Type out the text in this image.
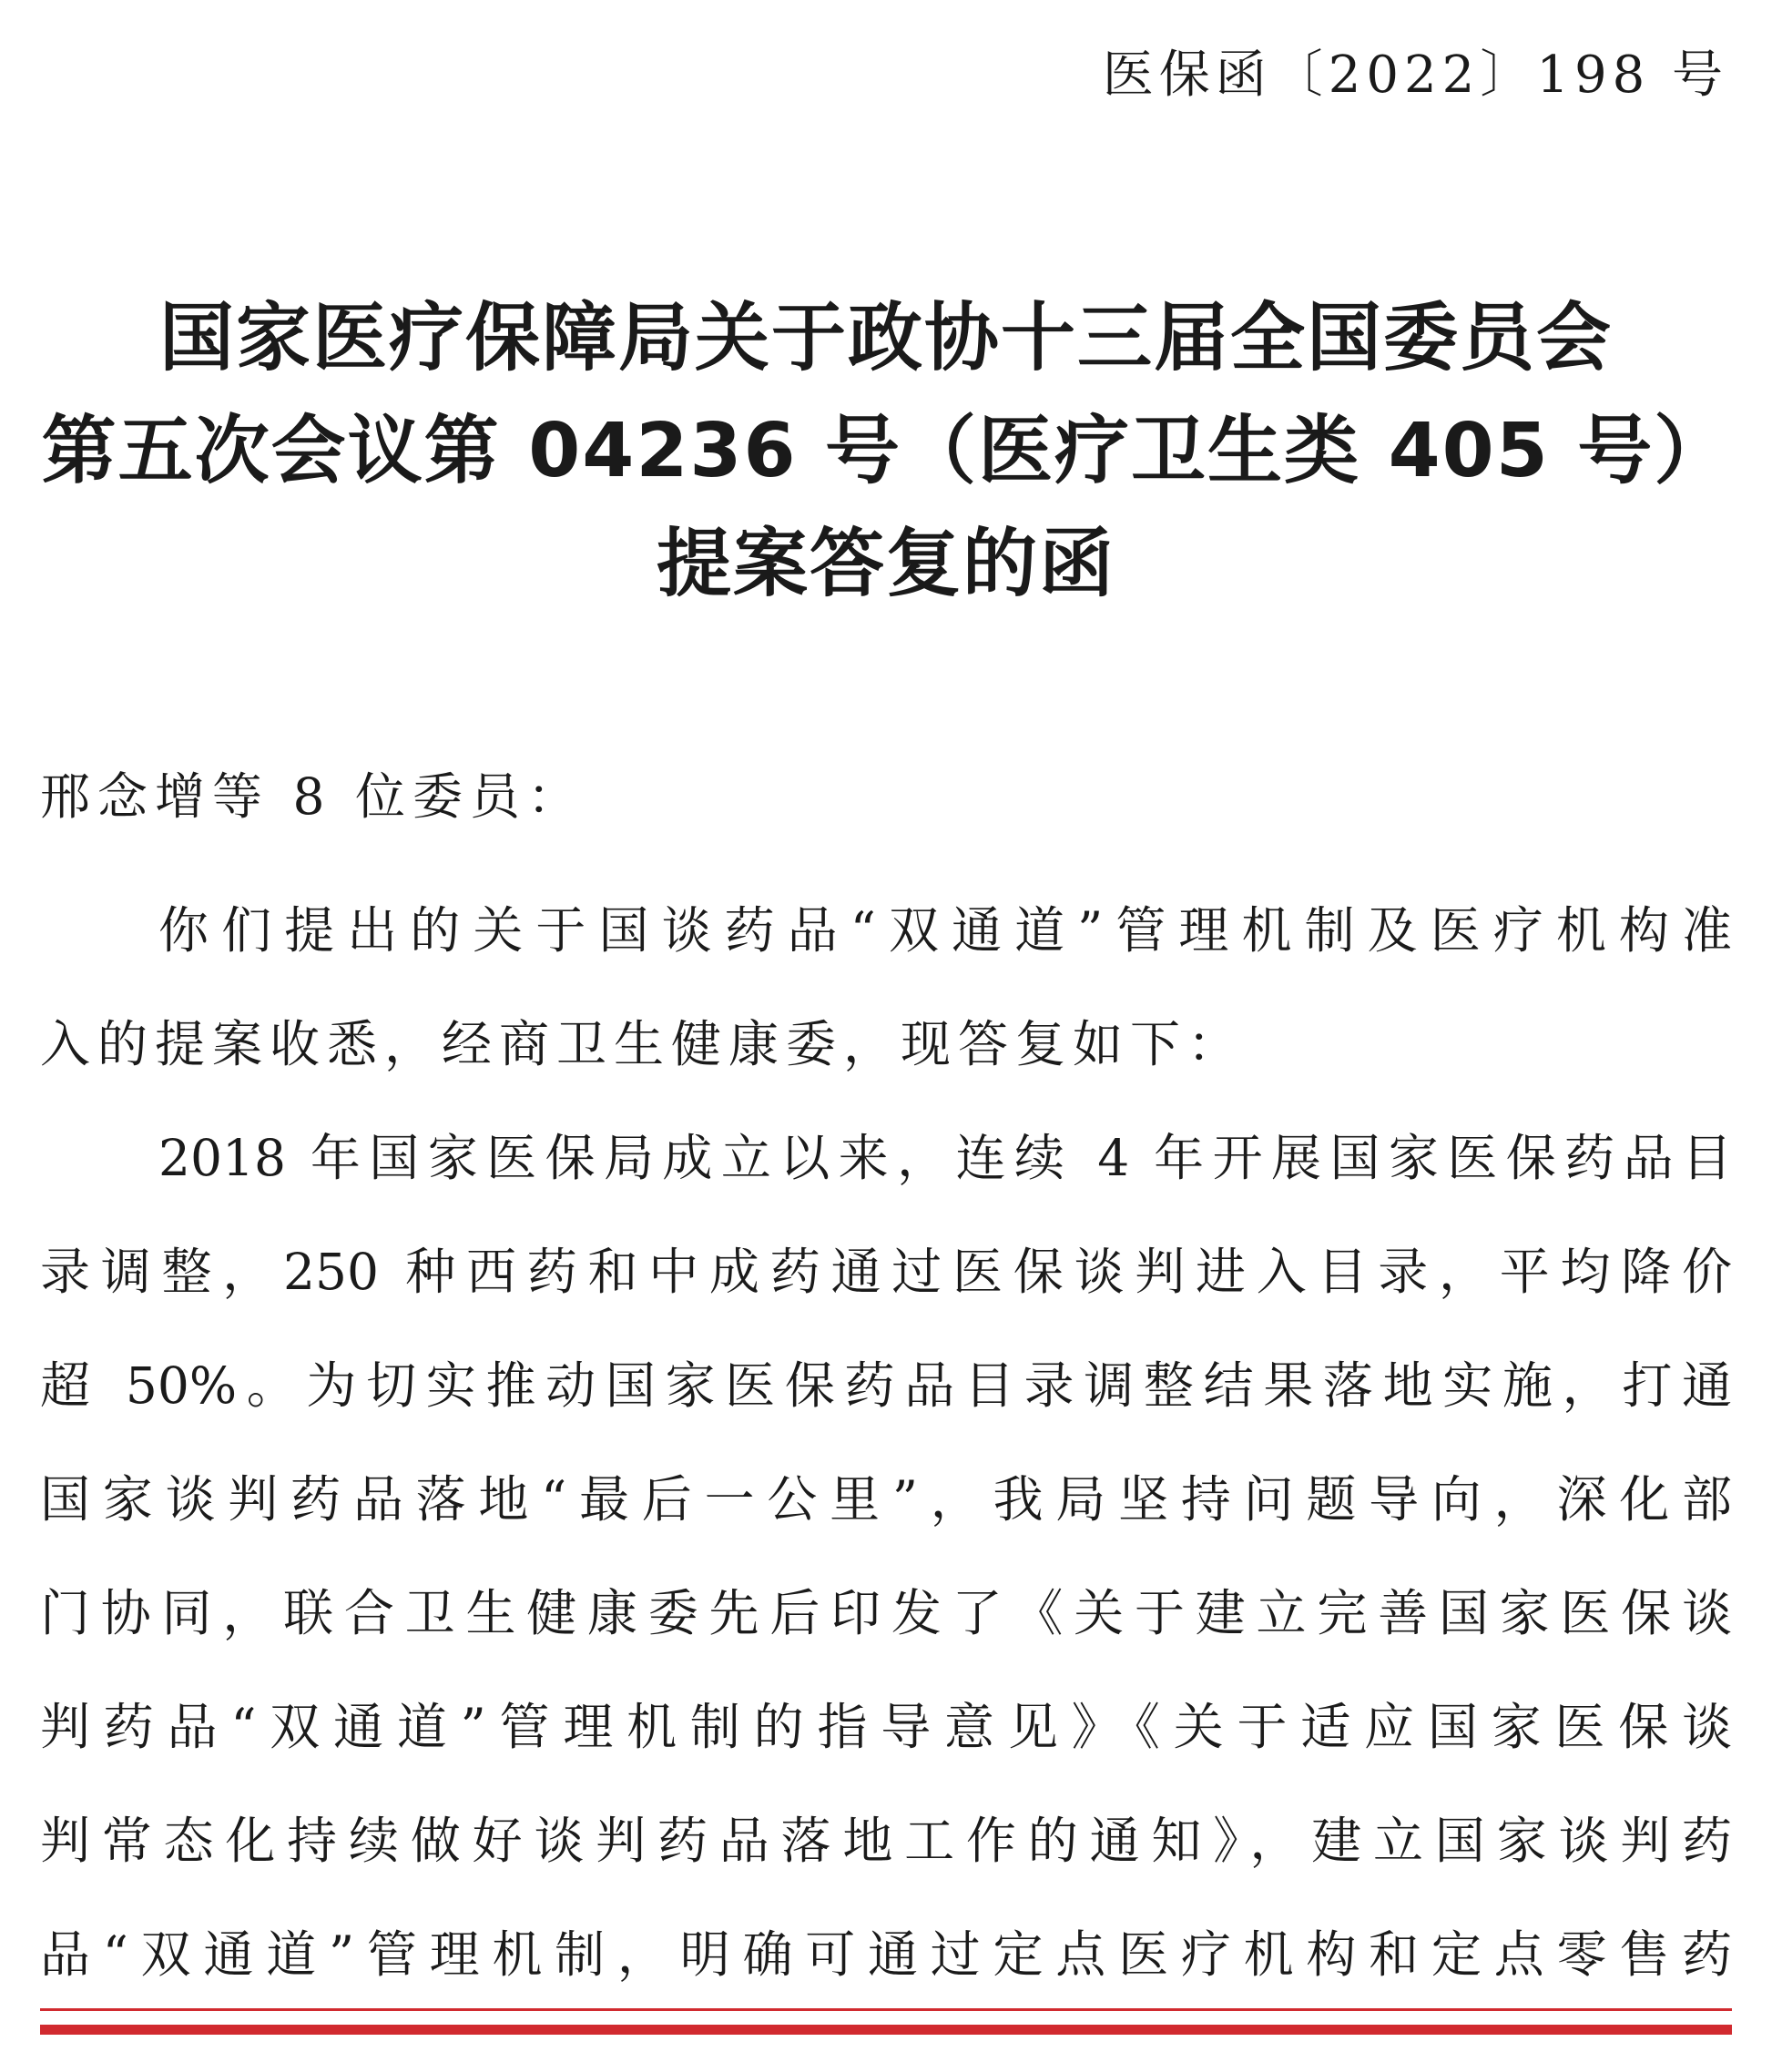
医保函〔2022〕198 号
国家医疗保障局关于政协十三届全国委员会
第五次会议第 04236 号（医疗卫生类 405 号）
提案答复的函
邢念增等 8 位委员：
你们提出的关于国谈药品“双通道”管理机制及医疗机构准
入的提案收悉，经商卫生健康委，现答复如下：
2018 年国家医保局成立以来，连续 4 年开展国家医保药品目
录调整，250 种西药和中成药通过医保谈判进入目录，平均降价
超 50%。为切实推动国家医保药品目录调整结果落地实施，打通
国家谈判药品落地“最后一公里”，我局坚持问题导向，深化部
门协同，联合卫生健康委先后印发了《关于建立完善国家医保谈
判药品“双通道”管理机制的指导意见》《关于适应国家医保谈
判常态化持续做好谈判药品落地工作的通知》，建立国家谈判药
品“双通道”管理机制，明确可通过定点医疗机构和定点零售药
